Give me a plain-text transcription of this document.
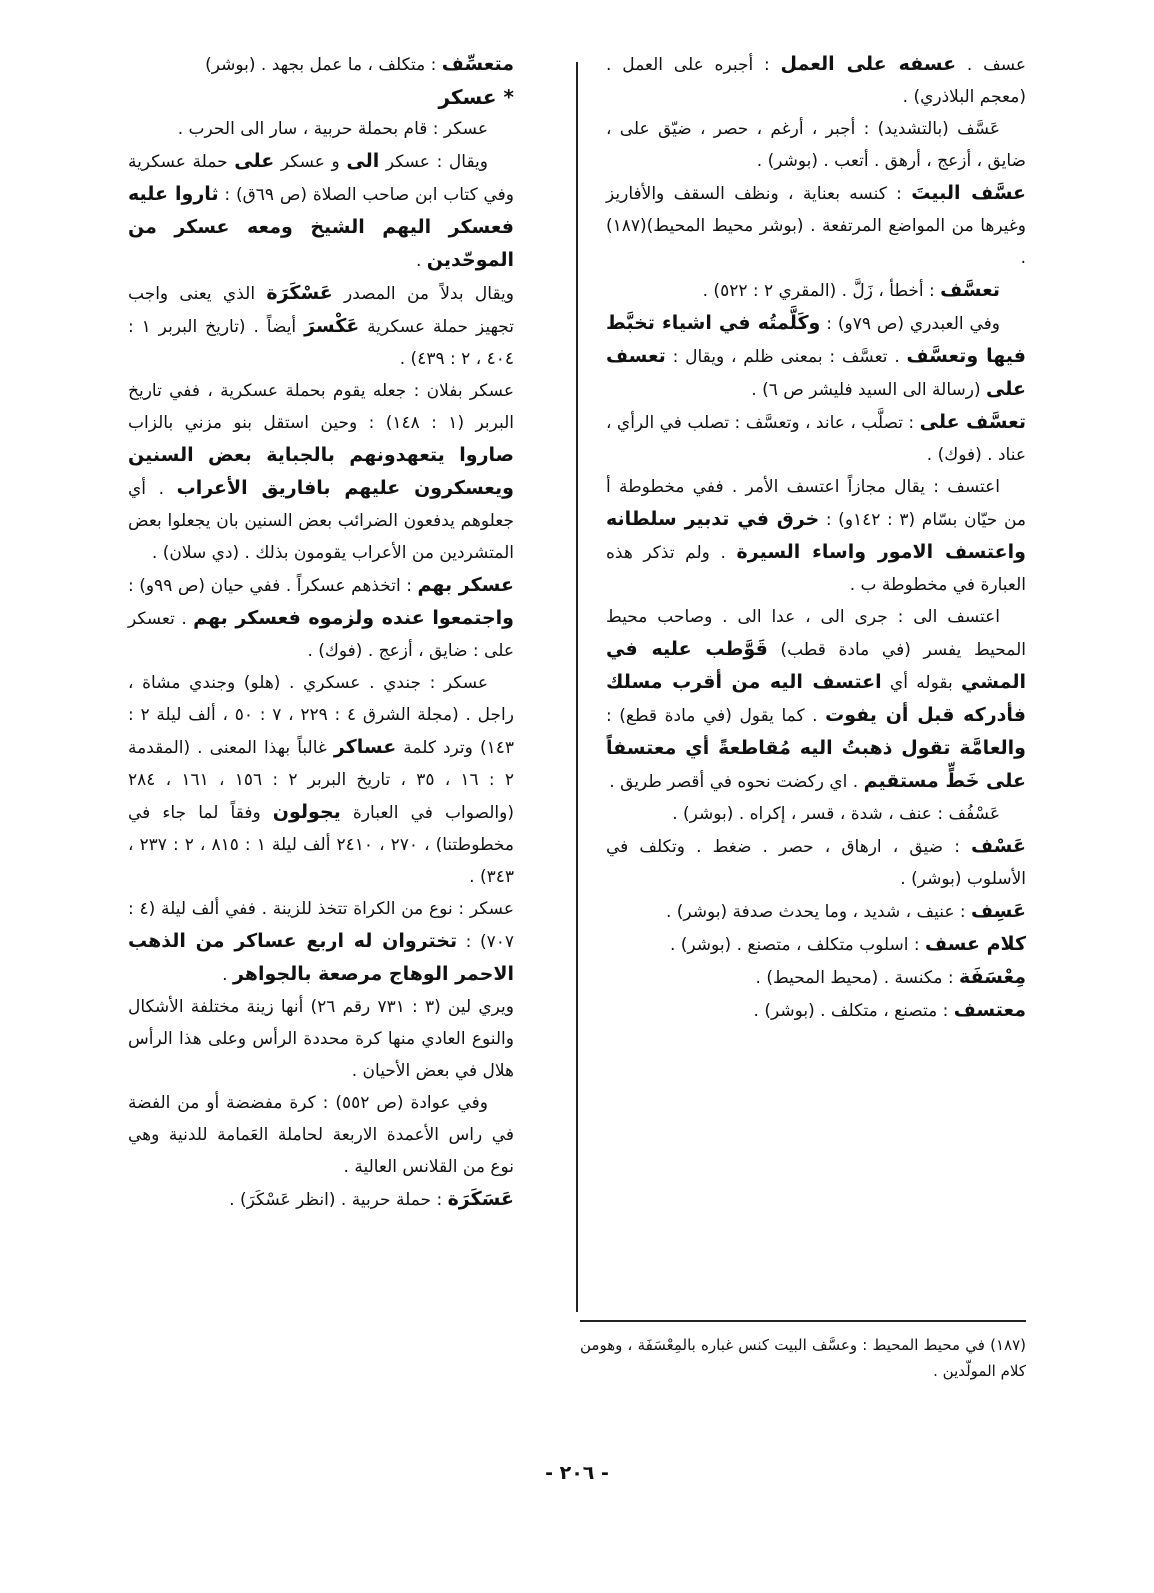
عسف . عسفه على العمل : أجبره على العمل . (معجم البلاذري) .

عَسَّف (بالتشديد) : أجبر ، أرغم ، حصر ، ضيّق على ، ضايق ، أزعج ، أرهق . أتعب . (بوشر) .

عسَّف البيتَ : كنسه بعناية ، ونظف السقف والأفاريز وغيرها من المواضع المرتفعة . (بوشر محيط المحيط)(١٨٧) .

تعسَّف : أخطأ ، زَلَّ . (المقري ٢ : ٥٢٢) .

وفي العبدري (ص ٧٩و) : وكَلَّمتُه في اشياء تخبَّط فيها وتعسَّف . تعسَّف : بمعنى ظلم ، ويقال : تعسف على (رسالة الى السيد فليشر ص ٦) .

تعسَّف على : تصلَّب ، عاند ، وتعسَّف : تصلب في الرأي ، عناد . (فوك) .

اعتسف : يقال مجازاً اعتسف الأمر . ففي مخطوطة أ من حيّان بسّام (٣ : ١٤٢و) : خرق في تدبير سلطانه واعتسف الامور واساء السيرة . ولم تذكر هذه العبارة في مخطوطة ب .

اعتسف الى : جرى الى ، عدا الى . وصاحب محيط المحيط يفسر (في مادة قطب) قَوَّطب عليه في المشي بقوله أي اعتسف اليه من أقرب مسلك فأدركه قبل أن يفوت . كما يقول (في مادة قطع) : والعامَّة تقول ذهبتُ اليه مُقاطعةً أي معتسفاً على خَطٍّ مستقيم . اي ركضت نحوه في أقصر طريق .

عَسْفُف : عنف ، شدة ، قسر ، إكراه . (بوشر) .

عَسْف : ضيق ، ارهاق ، حصر . ضغط . وتكلف في الأسلوب (بوشر) .

عَسِف : عنيف ، شديد ، وما يحدث صدفة (بوشر) .

كلام عسف : اسلوب متكلف ، متصنع . (بوشر) .

مِعْسَفَة : مكنسة . (محيط المحيط) .

معتسف : متصنع ، متكلف . (بوشر) .

متعسِّف : متكلف ، ما عمل بجهد . (بوشر)

* عسكر

عسكر : قام بحملة حربية ، سار الى الحرب .

ويقال : عسكر الى و عسكر على حملة عسكرية وفي كتاب ابن صاحب الصلاة (ص ٦٩ق) : ثاروا عليه فعسكر اليهم الشيخ ومعه عسكر من الموحّدين .

ويقال بدلاً من المصدر عَسْكَرَة الذي يعنى واجب تجهيز حملة عسكرية عَكْسرَ أيضاً . (تاريخ البربر ١ : ٤٠٤ ، ٢ : ٤٣٩) .

عسكر بفلان : جعله يقوم بحملة عسكرية ، ففي تاريخ البربر (١ : ١٤٨) : وحين استقل بنو مزني بالزاب صاروا يتعهدونهم بالجباية بعض السنين ويعسكرون عليهم بافاريق الأعراب . أي جعلوهم يدفعون الضرائب بعض السنين بان يجعلوا بعض المتشردين من الأعراب يقومون بذلك . (دي سلان) .

عسكر بهم : اتخذهم عسكراً . ففي حيان (ص ٩٩و) : واجتمعوا عنده ولزموه فعسكر بهم . تعسكر على : ضايق ، أزعج . (فوك) .

عسكر : جندي . عسكري . (هلو) وجندي مشاة ، راجل . (مجلة الشرق ٤ : ٢٢٩ ، ٧ : ٥٠ ، ألف ليلة ٢ : ١٤٣) وترد كلمة عساكر غالباً بهذا المعنى . (المقدمة ٢ : ١٦ ، ٣٥ ، تاريخ البربر ٢ : ١٥٦ ، ١٦١ ، ٢٨٤ (والصواب في العبارة يجولون وفقاً لما جاء في مخطوطتنا) ، ٢٧٠ ، ٢٤١٠ ألف ليلة ١ : ٨١٥ ، ٢ : ٢٣٧ ، ٣٤٣) .

عسكر : نوع من الكراة تتخذ للزينة . ففي ألف ليلة (٤ : ٧٠٧) : تختروان له اربع عساكر من الذهب الاحمر الوهاج مرصعة بالجواهر .

ويري لين (٣ : ٧٣١ رقم ٢٦) أنها زينة مختلفة الأشكال والنوع العادي منها كرة محددة الرأس وعلى هذا الرأس هلال في بعض الأحيان .

وفي عوادة (ص ٥٥٢) : كرة مفضضة أو من الفضة في راس الأعمدة الاربعة لحاملة العَمامة للدنية وهي نوع من القلانس العالية .

عَسَكَرَة : حملة حربية . (انظر عَسْكَرَ) .

(١٨٧) في محيط المحيط : وعسَّف البيت كنس غباره بالمِعْسَفَة ، وهومن كلام المولّدين .

- ٢٠٦ -
